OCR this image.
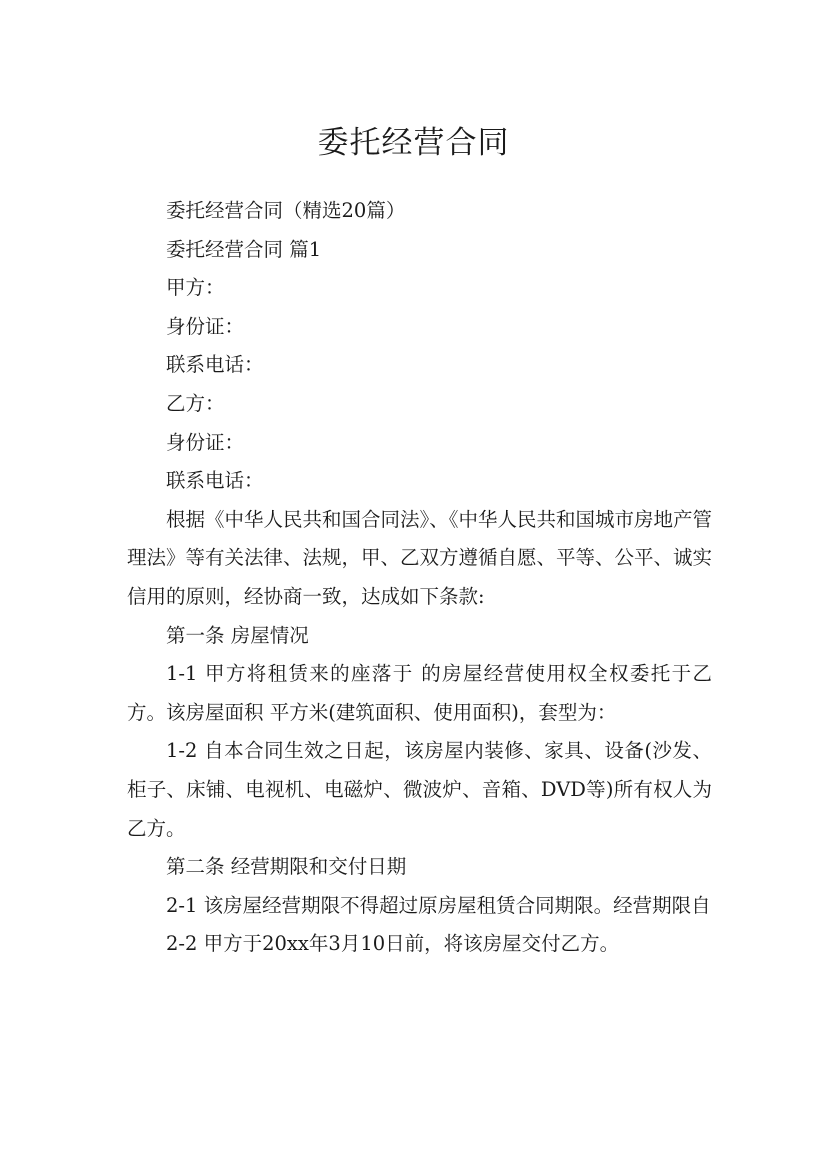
委托经营合同

委托经营合同（精选20篇）

委托经营合同 篇1

甲方：

身份证：

联系电话：

乙方：

身份证：

联系电话：

根据《中华人民共和国合同法》、《中华人民共和国城市房地产管理法》等有关法律、法规，甲、乙双方遵循自愿、平等、公平、诚实信用的原则，经协商一致，达成如下条款:

第一条 房屋情况

1-1 甲方将租赁来的座落于 的房屋经营使用权全权委托于乙方。该房屋面积 平方米(建筑面积、使用面积)，套型为：

1-2 自本合同生效之日起，该房屋内装修、家具、设备(沙发、柜子、床铺、电视机、电磁炉、微波炉、音箱、DVD等)所有权人为乙方。

第二条 经营期限和交付日期

2-1 该房屋经营期限不得超过原房屋租赁合同期限。经营期限自

2-2 甲方于20xx年3月10日前，将该房屋交付乙方。
